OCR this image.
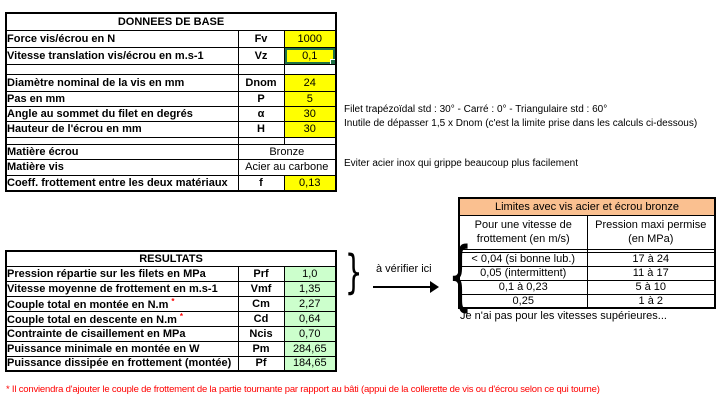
DONNEES DE BASE		
Force vis/écrou en N	Fv	1000
Vitesse translation vis/écrou en m.s-1	Vz	0,1

Diamètre nominal de la vis en mm	Dnom	24
Pas en mm	P	5
Angle au sommet du filet en degrés	α	30
Hauteur de l'écrou en mm	H	30

Matière écrou	Bronze	
Matière vis	Acier au carbone	
Coeff. frottement entre les deux matériaux	f	0,13
Filet trapézoïdal std : 30° - Carré : 0° - Triangulaire std : 60°
Inutile de dépasser 1,5 x Dnom (c'est la limite prise dans les calculs ci-dessous)
Eviter acier inox qui grippe beaucoup plus facilement
RESULTATS		
Pression répartie sur les filets en MPa	Prf	1,0
Vitesse moyenne de frottement en m.s-1	Vmf	1,35
Couple total en montée en N.m *	Cm	2,27
Couple total en descente en N.m *	Cd	0,64
Contrainte de cisaillement en MPa	Ncis	0,70
Puissance minimale en montée en W	Pm	284,65
Puissance dissipée en frottement (montée)	Pf	184,65
} à vérifier ici {
Limites avec vis acier et écrou bronze	
Pour une vitesse de frottement (en m/s)	Pression maxi permise (en MPa)

< 0,04 (si bonne lub.)	17 à 24
0,05 (intermittent)	11 à 17
0,1 à 0,23	5 à 10
0,25	1 à 2
Je n'ai pas pour les vitesses supérieures...
* Il conviendra d'ajouter le couple de frottement de la partie tournante par rapport au bâti (appui de la collerette de vis ou d'écrou selon ce qui tourne)
